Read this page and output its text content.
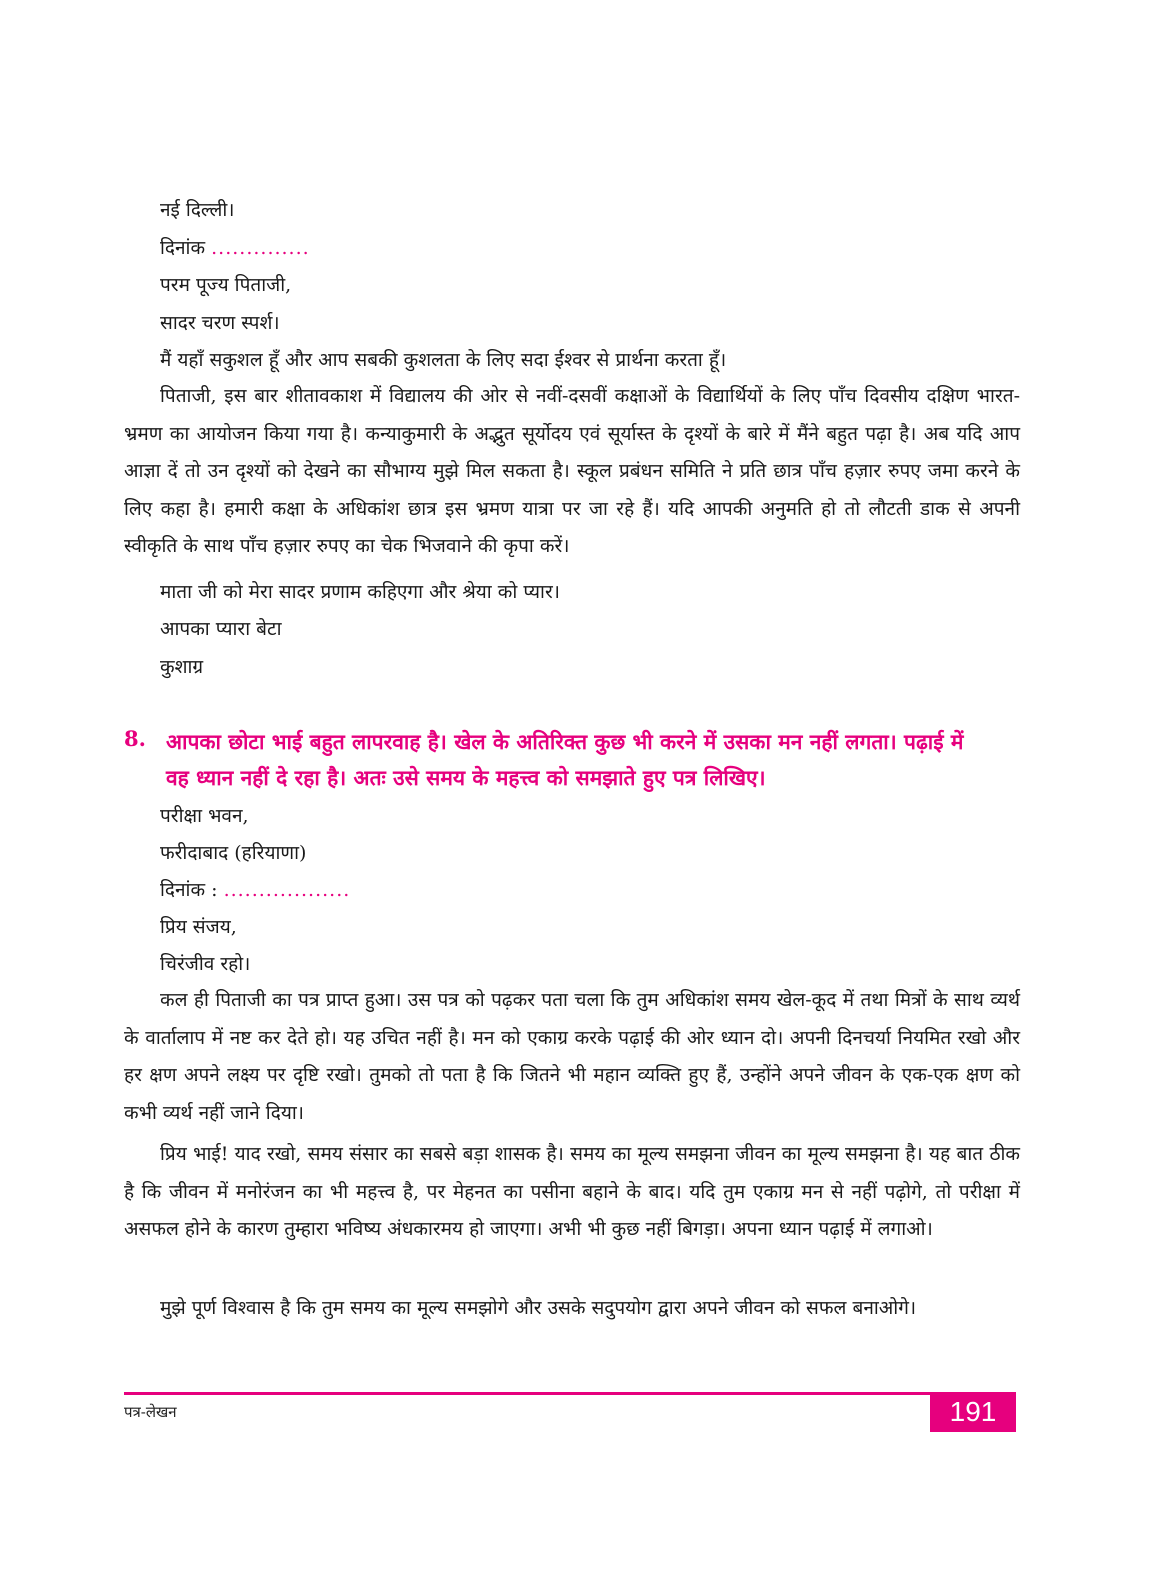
नई दिल्ली।
दिनांक ..............
परम पूज्य पिताजी,
सादर चरण स्पर्श।
मैं यहाँ सकुशल हूँ और आप सबकी कुशलता के लिए सदा ईश्वर से प्रार्थना करता हूँ।

पिताजी, इस बार शीतावकाश में विद्यालय की ओर से नवीं-दसवीं कक्षाओं के विद्यार्थियों के लिए पाँच दिवसीय दक्षिण भारत-भ्रमण का आयोजन किया गया है। कन्याकुमारी के अद्भुत सूर्योदय एवं सूर्यास्त के दृश्यों के बारे में मैंने बहुत पढ़ा है। अब यदि आप आज्ञा दें तो उन दृश्यों को देखने का सौभाग्य मुझे मिल सकता है। स्कूल प्रबंधन समिति ने प्रति छात्र पाँच हज़ार रुपए जमा करने के लिए कहा है। हमारी कक्षा के अधिकांश छात्र इस भ्रमण यात्रा पर जा रहे हैं। यदि आपकी अनुमति हो तो लौटती डाक से अपनी स्वीकृति के साथ पाँच हज़ार रुपए का चेक भिजवाने की कृपा करें।

माता जी को मेरा सादर प्रणाम कहिएगा और श्रेया को प्यार।
आपका प्यारा बेटा
कुशाग्र
8. आपका छोटा भाई बहुत लापरवाह है। खेल के अतिरिक्त कुछ भी करने में उसका मन नहीं लगता। पढ़ाई में
वह ध्यान नहीं दे रहा है। अतः उसे समय के महत्त्व को समझाते हुए पत्र लिखिए।
परीक्षा भवन,
फरीदाबाद (हरियाणा)
दिनांक : ..................
प्रिय संजय,
चिरंजीव रहो।

कल ही पिताजी का पत्र प्राप्त हुआ। उस पत्र को पढ़कर पता चला कि तुम अधिकांश समय खेल-कूद में तथा मित्रों के साथ व्यर्थ के वार्तालाप में नष्ट कर देते हो। यह उचित नहीं है। मन को एकाग्र करके पढ़ाई की ओर ध्यान दो। अपनी दिनचर्या नियमित रखो और हर क्षण अपने लक्ष्य पर दृष्टि रखो। तुमको तो पता है कि जितने भी महान व्यक्ति हुए हैं, उन्होंने अपने जीवन के एक-एक क्षण को कभी व्यर्थ नहीं जाने दिया।

प्रिय भाई! याद रखो, समय संसार का सबसे बड़ा शासक है। समय का मूल्य समझना जीवन का मूल्य समझना है। यह बात ठीक है कि जीवन में मनोरंजन का भी महत्त्व है, पर मेहनत का पसीना बहाने के बाद। यदि तुम एकाग्र मन से नहीं पढ़ोगे, तो परीक्षा में असफल होने के कारण तुम्हारा भविष्य अंधकारमय हो जाएगा। अभी भी कुछ नहीं बिगड़ा। अपना ध्यान पढ़ाई में लगाओ।

मुझे पूर्ण विश्वास है कि तुम समय का मूल्य समझोगे और उसके सदुपयोग द्वारा अपने जीवन को सफल बनाओगे।

पत्र-लेखन	191
